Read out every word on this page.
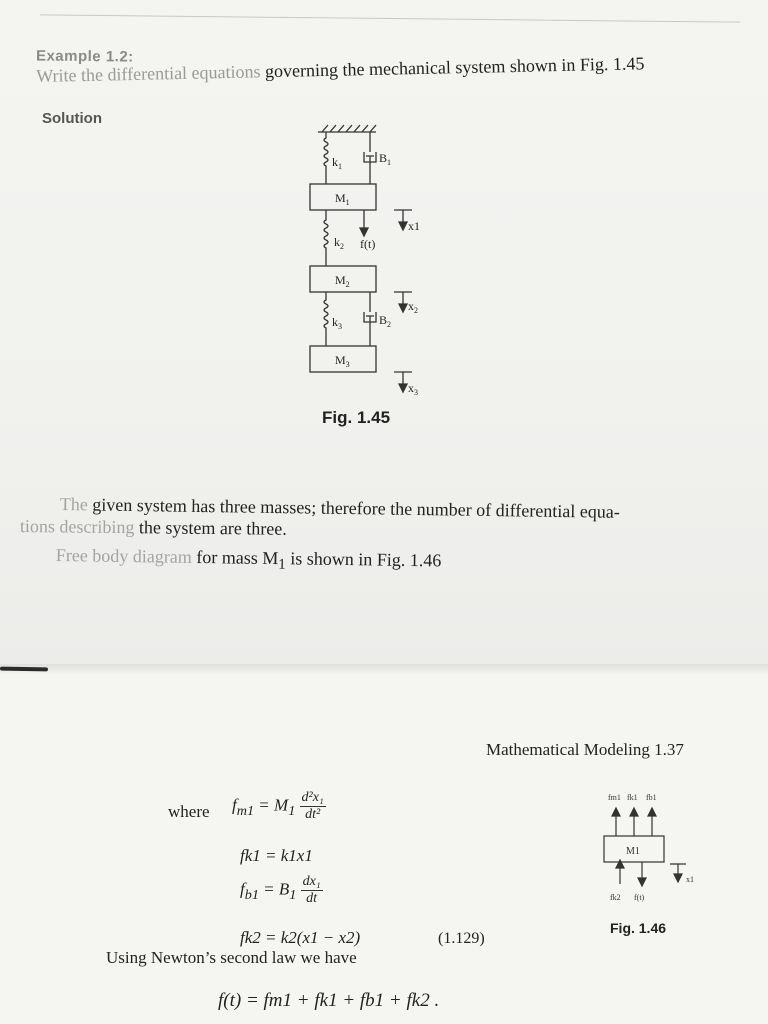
Example 1.2:
Write the differential equations governing the mechanical system shown in Fig. 1.45
Solution
$k_1$
$B_1$
$M_1$
x1
$k_2$ f(t)
$M_2$
$x_2$
$k_3$	$B_2$
$M_3$
$x_3$
Fig. 1.45
The given system has three masses; therefore the number of differential equa-
tions describing the system are three.
Free body diagram for mass $M_1$ is shown in Fig. 1.46
Mathematical Modeling 1.37
where $f_{m1} = M_1 \frac{\text{d²x₁}}{\text{dt²}}$
fk1 = k1x1
$f_{b1} = B_1 \frac{\text{dx₁}}{dt}$
fk2 = k2(x1 − x2)	(1.129)
Using Newton’s second law we have
f(t) = fm1 + fk1 + fb1 + fk2 .
fm1 fk1 fb1
M1
fk2 f(t)
x1
Fig. 1.46
